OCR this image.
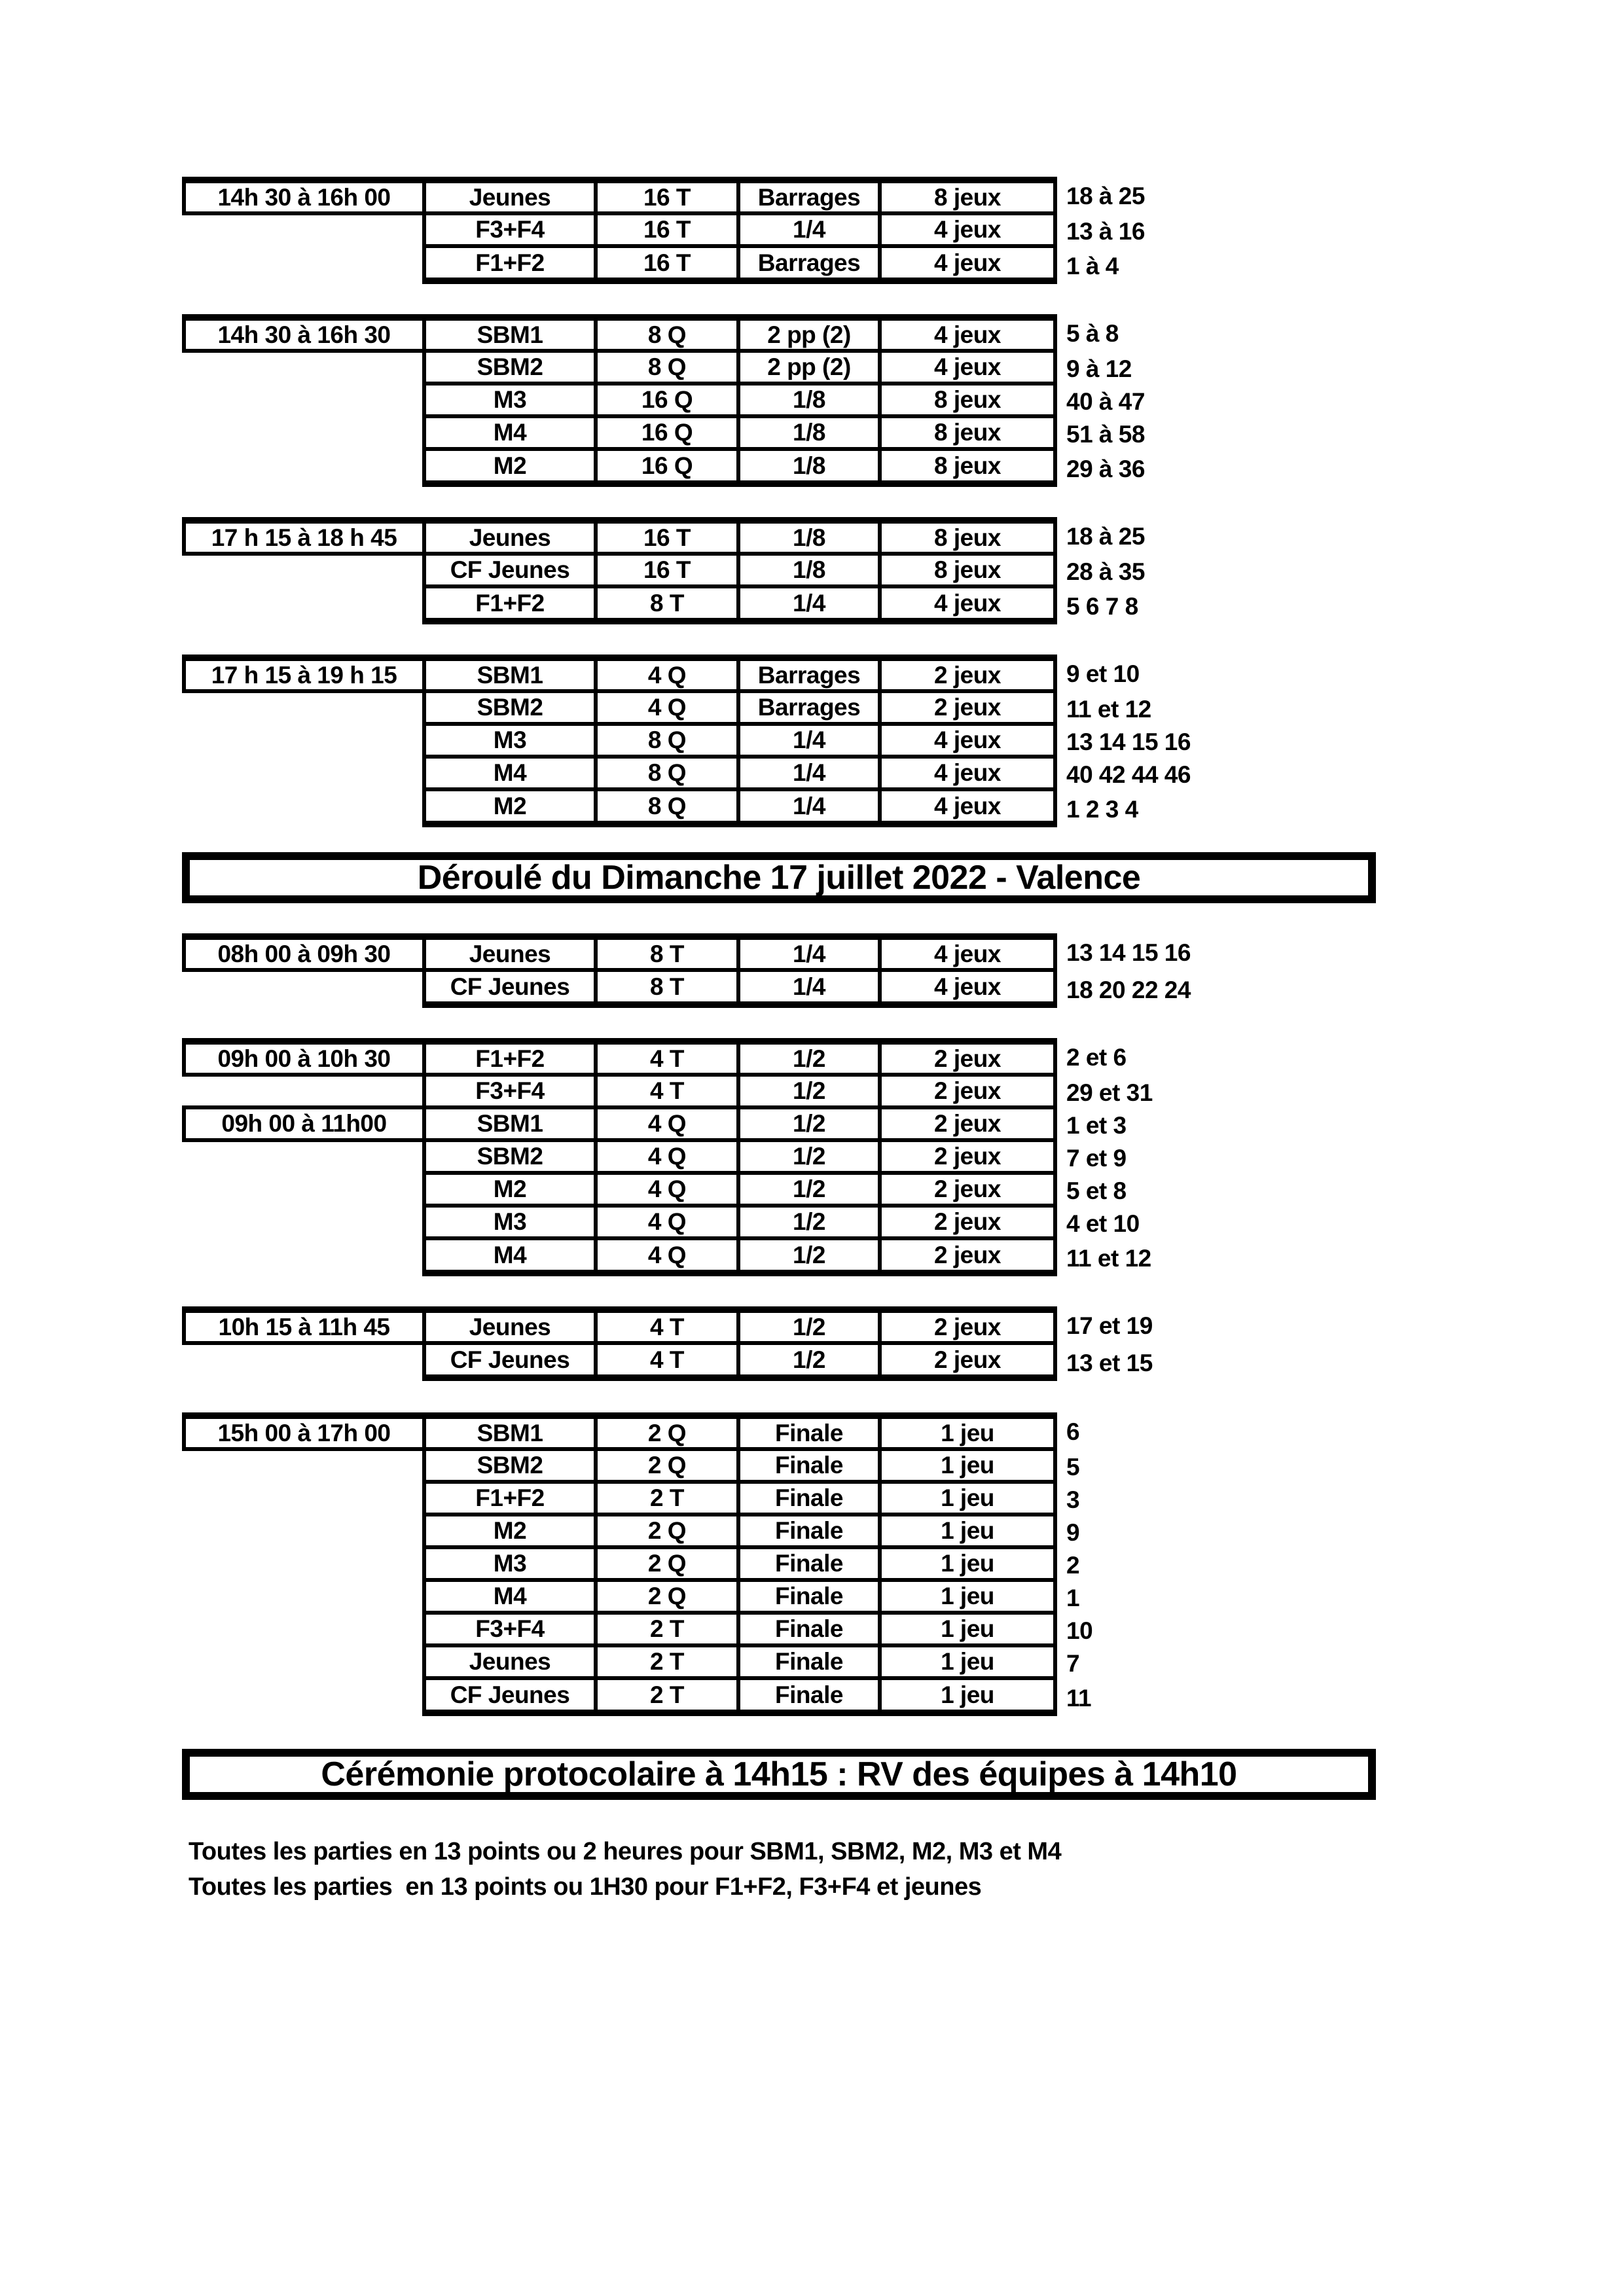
14h 30 à 16h 00	Jeunes	16 T	Barrages	8 jeux	18 à 25
F3+F4	16 T	1/4	4 jeux	13 à 16
F1+F2	16 T	Barrages	4 jeux	1 à 4
14h 30 à 16h 30	SBM1	8 Q	2 pp (2)	4 jeux	5 à 8
SBM2	8 Q	2 pp (2)	4 jeux	9 à 12
M3	16 Q	1/8	8 jeux	40 à 47
M4	16 Q	1/8	8 jeux	51 à 58
M2	16 Q	1/8	8 jeux	29 à 36
17 h 15 à 18 h 45	Jeunes	16 T	1/8	8 jeux	18 à 25
CF Jeunes	16 T	1/8	8 jeux	28 à 35
F1+F2	8 T	1/4	4 jeux	5 6 7 8
17 h 15 à 19 h 15	SBM1	4 Q	Barrages	2 jeux	9 et 10
SBM2	4 Q	Barrages	2 jeux	11 et 12
M3	8 Q	1/4	4 jeux	13 14 15 16
M4	8 Q	1/4	4 jeux	40 42 44 46
M2	8 Q	1/4	4 jeux	1 2 3 4
Déroulé du Dimanche 17 juillet 2022 - Valence
08h 00 à 09h 30	Jeunes	8 T	1/4	4 jeux	13 14 15 16
CF Jeunes	8 T	1/4	4 jeux	18 20 22 24
09h 00 à 10h 30	F1+F2	4 T	1/2	2 jeux	2 et 6
F3+F4	4 T	1/2	2 jeux	29 et 31
09h 00 à 11h00	SBM1	4 Q	1/2	2 jeux	1 et 3
SBM2	4 Q	1/2	2 jeux	7 et 9
M2	4 Q	1/2	2 jeux	5 et 8
M3	4 Q	1/2	2 jeux	4 et 10
M4	4 Q	1/2	2 jeux	11 et 12
10h 15 à 11h 45	Jeunes	4 T	1/2	2 jeux	17 et 19
CF Jeunes	4 T	1/2	2 jeux	13 et 15
15h 00 à 17h 00	SBM1	2 Q	Finale	1 jeu	6
SBM2	2 Q	Finale	1 jeu	5
F1+F2	2 T	Finale	1 jeu	3
M2	2 Q	Finale	1 jeu	9
M3	2 Q	Finale	1 jeu	2
M4	2 Q	Finale	1 jeu	1
F3+F4	2 T	Finale	1 jeu	10
Jeunes	2 T	Finale	1 jeu	7
CF Jeunes	2 T	Finale	1 jeu	11
Cérémonie protocolaire à 14h15 : RV des équipes à 14h10
Toutes les parties en 13 points ou 2 heures pour SBM1, SBM2, M2, M3 et M4
Toutes les parties  en 13 points ou 1H30 pour F1+F2, F3+F4 et jeunes
